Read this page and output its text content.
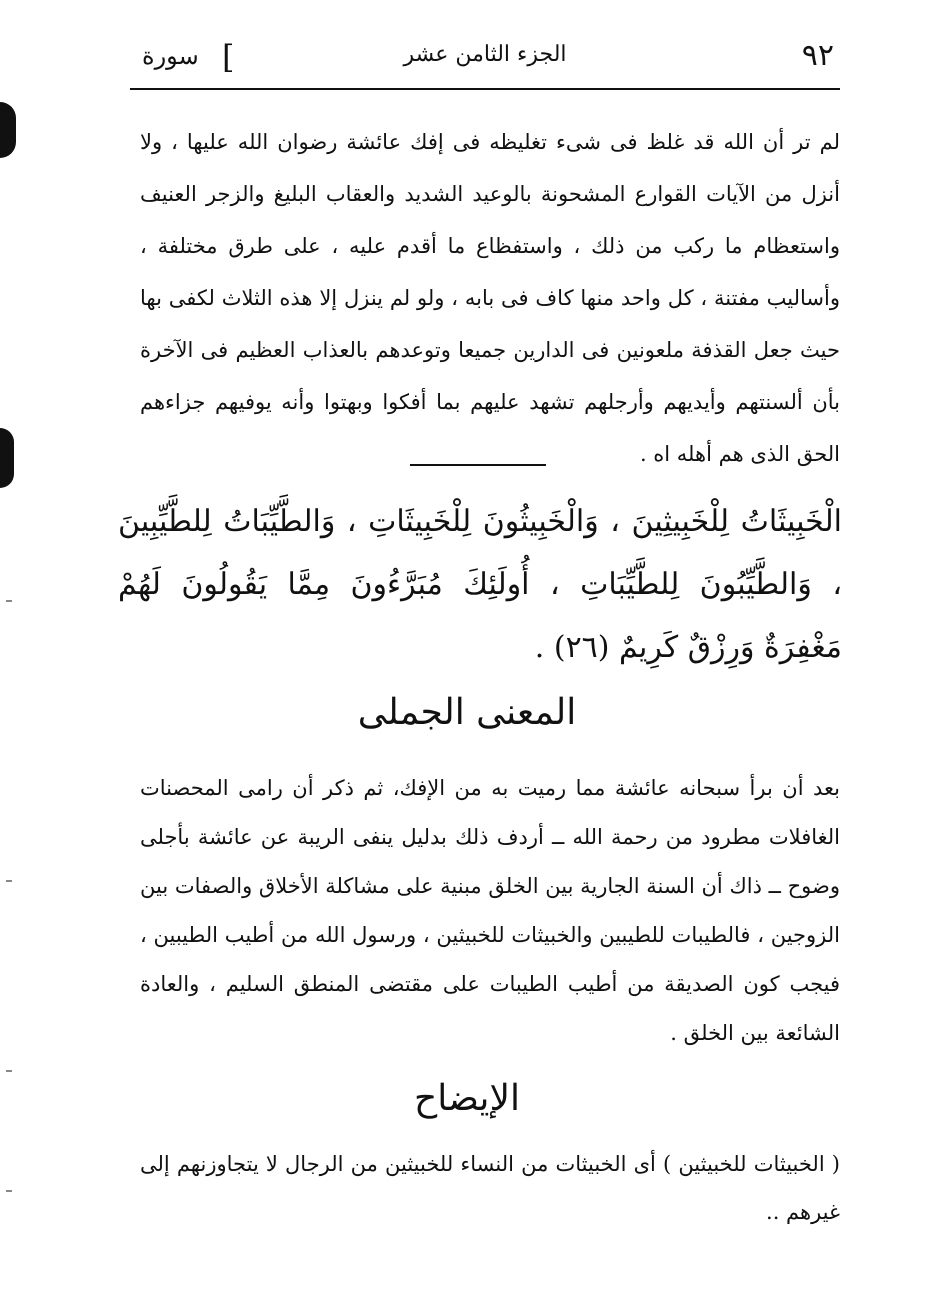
٩٢
الجزء الثامن عشر
سورة [
لم تر أن الله قد غلظ فى شىء تغليظه فى إفك عائشة رضوان الله عليها ، ولا أنزل من الآيات القوارع المشحونة بالوعيد الشديد والعقاب البليغ والزجر العنيف واستعظام ما ركب من ذلك ، واستفظاع ما أقدم عليه ، على طرق مختلفة ، وأساليب مفتنة ، كل واحد منها كاف فى بابه ، ولو لم ينزل إلا هذه الثلاث لكفى بها حيث جعل القذفة ملعونين فى الدارين جميعا وتوعدهم بالعذاب العظيم فى الآخرة بأن ألسنتهم وأيديهم وأرجلهم تشهد عليهم بما أفكوا وبهتوا وأنه يوفيهم جزاءهم الحق الذى هم أهله اه .
الْخَبِيثَاتُ لِلْخَبِيثِينَ ، وَالْخَبِيثُونَ لِلْخَبِيثَاتِ ، وَالطَّيِّبَاتُ لِلطَّيِّبِينَ ، وَالطَّيِّبُونَ لِلطَّيِّبَاتِ ، أُولَئِكَ مُبَرَّءُونَ مِمَّا يَقُولُونَ لَهُمْ مَغْفِرَةٌ وَرِزْقٌ كَرِيمٌ (٢٦) .
المعنى الجملى
بعد أن برأ سبحانه عائشة مما رميت به من الإفك، ثم ذكر أن رامى المحصنات الغافلات مطرود من رحمة الله ــ أردف ذلك بدليل ينفى الريبة عن عائشة بأجلى وضوح ــ ذاك أن السنة الجارية بين الخلق مبنية على مشاكلة الأخلاق والصفات بين الزوجين ، فالطيبات للطيبين والخبيثات للخبيثين ، ورسول الله من أطيب الطيبين ، فيجب كون الصديقة من أطيب الطيبات على مقتضى المنطق السليم ، والعادة الشائعة بين الخلق .
الإيضاح
( الخبيثات للخبيثين ) أى الخبيثات من النساء للخبيثين من الرجال لا يتجاوزنهم إلى غيرهم ..
